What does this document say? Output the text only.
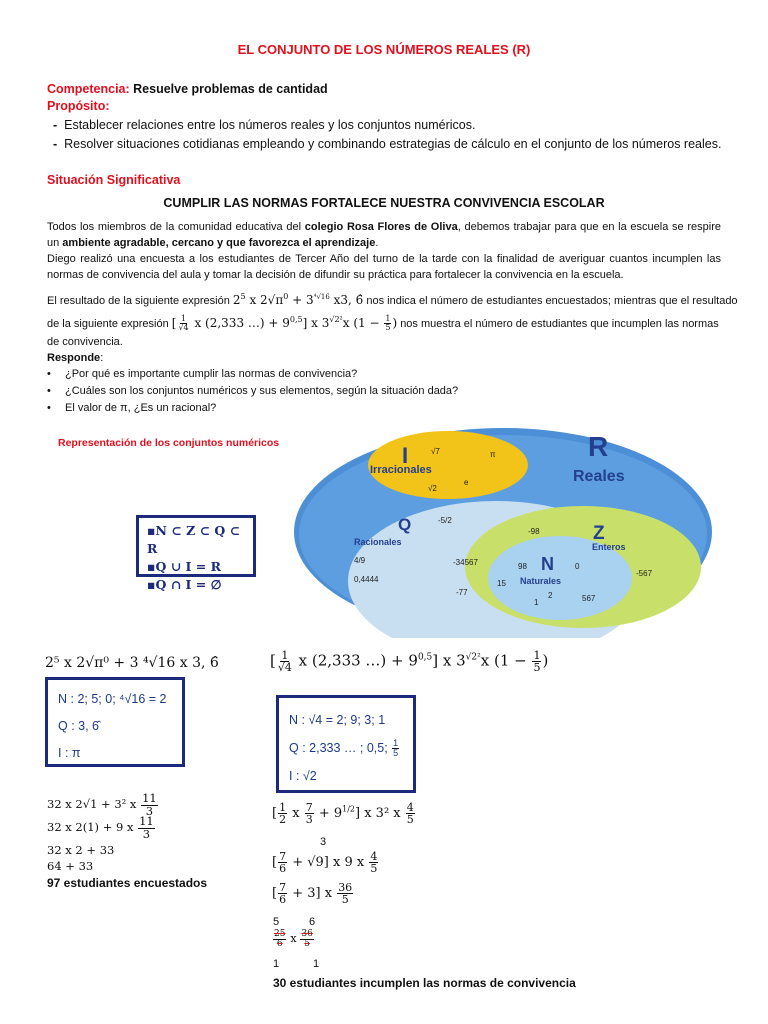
EL CONJUNTO DE LOS NÚMEROS REALES (R)
Competencia: Resuelve problemas de cantidad
Propósito:
- Establecer relaciones entre los números reales y los conjuntos numéricos.
- Resolver situaciones cotidianas empleando y combinando estrategias de cálculo en el conjunto de los números reales.
Situación Significativa
CUMPLIR LAS NORMAS FORTALECE NUESTRA CONVIVENCIA ESCOLAR
Todos los miembros de la comunidad educativa del colegio Rosa Flores de Oliva, debemos trabajar para que en la escuela se respire un ambiente agradable, cercano y que favorezca el aprendizaje.
Diego realizó una encuesta a los estudiantes de Tercer Año del turno de la tarde con la finalidad de averiguar cuantos incumplen las normas de convivencia del aula y tomar la decisión de difundir su práctica para fortalecer la convivencia en la escuela.
El resultado de la siguiente expresión $2^5$ x $2√\pi^0 + 3^{^4√16}$ x3, 6̂ nos indica el número de estudiantes encuestados; mientras que el resultado
de la siguiente expresión [ $\frac{1}{√4}$ x (2,333 …) + $9^{0,5}$] x $3^{√2^2}x$ ($1 - \frac{1}{5}$ ) nos muestra el número de estudiantes que incumplen las normas
de convivencia.
Responde:
• ¿Por qué es importante cumplir las normas de convivencia?
• ¿Cuáles son los conjuntos numéricos y sus elementos, según la situación dada?
• El valor de π, ¿Es un racional?
Representación de los conjuntos numéricos
▪N ⊂ Z ⊂ Q ⊂ R
▪Q ∪ I = R
▪Q ∩ I = ∅
R
Reales
I
Irracionales
√7	π
√2
e
Q
Racionales
-5/2
4/9
0,4444
Z
Enteros
-98
-34567
-77
-567
N
Naturales
98	0
15
2
1	567
2⁵ x 2√π⁰ + 3 ⁴√16 x 3, 6̂
N : 2; 5; 0; ⁴√16 = 2
Q : 3, 6̂
I : π
32 x 2√1 + 3² x $\frac{11}{3}$
32 x 2(1) + 9 x $\frac{11}{3}$
32 x 2 + 33
64 + 33
97 estudiantes encuestados
[ $\frac{1}{√4}$ x (2,333 …) + $9^{0,5}$] x $3^{√2^2}x$ ($1 - \frac{1}{5}$ )
N : √4 = 2; 9; 3; 1
Q : 2,333 … ; 0,5; $\frac{1}{5}$
I : √2
[ $\frac{1}{2}$ x $\frac{7}{3} + 9^{1/2}$] x 3² x $\frac{4}{5}$
3
[ $\frac{7}{6} + √9$] x 9 x $\frac{4}{5}$
[ $\frac{7}{6} + 3$] x $\frac{36}{5}$
5	6
$\frac{25}{6}$ x $\frac{36}{5}$
1	1
30 estudiantes incumplen las normas de convivencia
